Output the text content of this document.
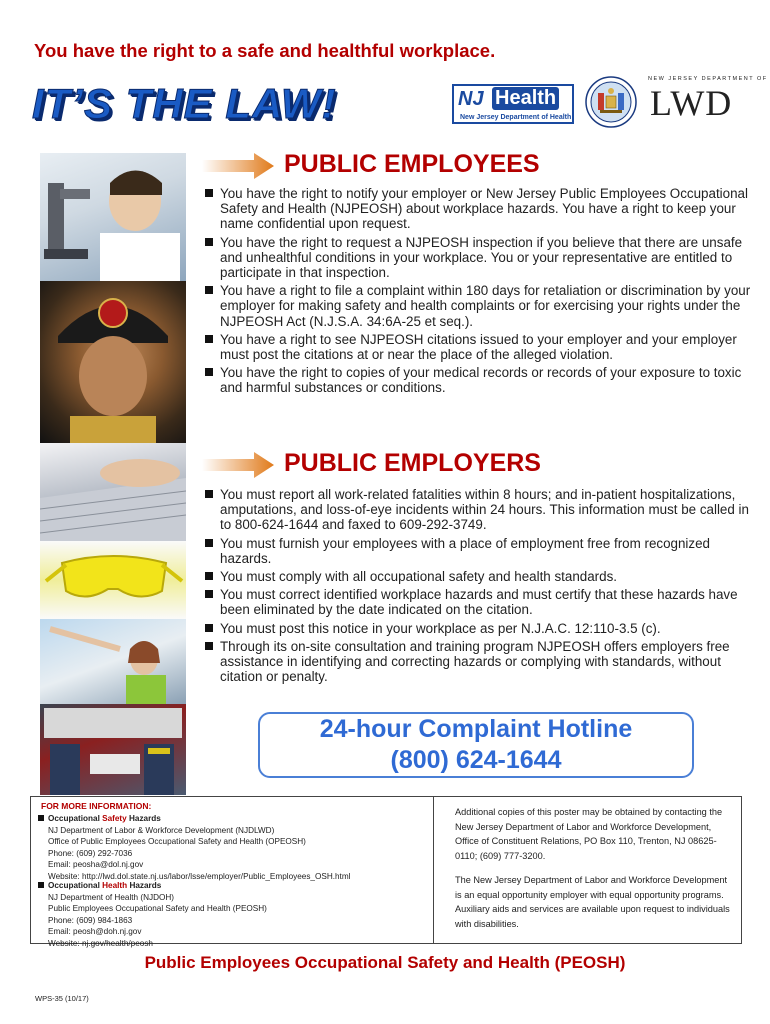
You have the right to a safe and healthful workplace.
IT’S THE LAW!	NJ Health
New Jersey Department of Health
NEW JERSEY DEPARTMENT OF
LWD
PUBLIC EMPLOYEES
You have the right to notify your employer or New Jersey Public Employees Occupational Safety and Health (NJPEOSH) about workplace hazards. You have a right to keep your name confidential upon request.
You have the right to request a NJPEOSH inspection if you believe that there are unsafe and unhealthful conditions in your workplace. You or your representative are entitled to participate in that inspection.
You have a right to file a complaint within 180 days for retaliation or discrimination by your employer for making safety and health complaints or for exercising your rights under the NJPEOSH Act (N.J.S.A. 34:6A-25 et seq.).
You have a right to see NJPEOSH citations issued to your employer and your employer must post the citations at or near the place of the alleged violation.
You have the right to copies of your medical records or records of your exposure to toxic and harmful substances or conditions.
PUBLIC EMPLOYERS
You must report all work-related fatalities within 8 hours; and in-patient hospitalizations, amputations, and loss-of-eye incidents within 24 hours. This information must be called in to 800-624-1644 and faxed to 609-292-3749.
You must furnish your employees with a place of employment free from recognized hazards.
You must comply with all occupational safety and health standards.
You must correct identified workplace hazards and must certify that these hazards have been eliminated by the date indicated on the citation.
You must post this notice in your workplace as per N.J.A.C. 12:110-3.5 (c).
Through its on-site consultation and training program NJPEOSH offers employers free assistance in identifying and correcting hazards or complying with standards, without citation or penalty.
24-hour Complaint Hotline
(800) 624-1644
FOR MORE INFORMATION:
Occupational Safety Hazards
NJ Department of Labor & Workforce Development (NJDLWD)
Office of Public Employees Occupational Safety and Health (OPEOSH)
Phone: (609) 292-7036
Email: peosha@dol.nj.gov
Website: http://lwd.dol.state.nj.us/labor/lsse/employer/Public_Employees_OSH.html
Occupational Health Hazards
NJ Department of Health (NJDOH)
Public Employees Occupational Safety and Health (PEOSH)
Phone: (609) 984-1863
Email: peosh@doh.nj.gov
Website: nj.gov/health/peosh
Additional copies of this poster may be obtained by contacting the New Jersey Department of Labor and Workforce Development, Office of Constituent Relations, PO Box 110, Trenton, NJ 08625-0110; (609) 777-3200.
The New Jersey Department of Labor and Workforce Development is an equal opportunity employer with equal opportunity programs. Auxiliary aids and services are available upon request to individuals with disabilities.
Public Employees Occupational Safety and Health (PEOSH)
WPS-35 (10/17)
